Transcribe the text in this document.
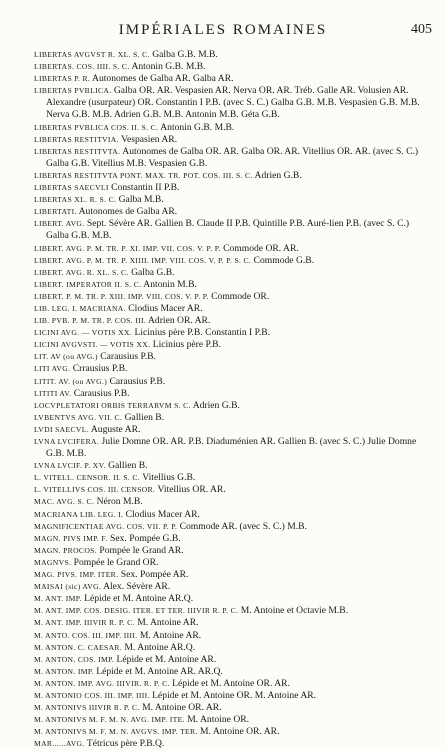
IMPÉRIALES ROMAINES	405
LIBERTAS AVGVST R. XL. S. C. Galba G.B. M.B.
LIBERTAS. COS. IIII. S. C. Antonin G.B. M.B.
LIBERTAS P. R. Autonomes de Galba AR. Galba AR.
LIBERTAS PVBLICA. Galba OR. AR. Vespasien AR. Nerva OR. AR. Tréb. Galle AR. Volusien AR. Alexandre (usurpateur) OR. Constantin I P.B. (avec S. C.) Galba G.B. M.B. Vespasien G.B. M.B. Nerva G.B. M.B. Adrien G.B. M.B. Antonin M.B. Géta G.B.
LIBERTAS PVBLICA COS. II. S. C. Antonin G.B. M.B.
LIBERTAS RESTITVIA. Vespasien AR.
LIBERTAS RESTITVTA. Autonomes de Galba OR. AR. Galba OR. AR. Vitellius OR. AR. (avec S. C.) Galba G.B. Vitellius M.B. Vespasien G.B.
LIBERTAS RESTITVTA PONT. MAX. TR. POT. COS. III. S. C. Adrien G.B.
LIBERTAS SAECVLI Constantin II P.B.
LIBERTAS XL. R. S. C. Galba M.B.
LIBERTATI. Autonomes de Galba AR.
LIBERT. AVG. Sept. Sévère AR. Gallien B. Claude II P.B. Quintille P.B. Auré-lien P.B. (avec S. C.) Galba G.B. M.B.
LIBERT. AVG. P. M. TR. P. XI. IMP. VII. COS. V. P. P. Commode OR. AR.
LIBERT. AVG. P. M. TR. P. XIIII. IMP. VIII. COS. V. P. P. S. C. Commode G.B.
LIBERT. AVG. R. XL. S. C. Galba G.B.
LIBERT. IMPERATOR II. S. C. Antonin M.B.
LIBERT. P. M. TR. P. XIII. IMP. VIII. COS. V. P. P. Commode OR.
LIB. LEG. I. MACRIANA. Clodius Macer AR.
LIB. PVB. P. M. TR. P. COS. III. Adrien OR. AR.
LICINI AVG. — VOTIS XX. Licinius père P.B. Constantin I P.B.
LICINI AVGVSTI. — VOTIS XX. Licinius père P.B.
LIT. AV (ou AVG.) Carausius P.B.
LITI AVG. Crrausius P.B.
LITIT. AV. (ou AVG.) Carausius P.B.
LITITI AV. Carausius P.B.
LOCVPLETATORI ORBIS TERRARVM S. C. Adrien G.B.
LVBENTVS AVG. VII. C. Gallien B.
LVDI SAECVL. Auguste AR.
LVNA LVCIFERA. Julie Domne OR. AR. P.B. Diaduménien AR. Gallien B. (avec S. C.) Julie Domne G.B. M.B.
LVNA LVCIF. P. XV. Gallien B.
L. VITELL. CENSOR. II. S. C. Vitellius G.B.
L. VITELLIVS COS. III. CENSOR. Vitellius OR. AR.
MAC. AVG. S. C. Néron M.B.
MACRIANA LIB. LEG. I. Clodius Macer AR.
MAGNIFICENTIAE AVG. COS. VII. P. P. Commode AR. (avec S. C.) M.B.
MAGN. PIVS IMP. F. Sex. Pompée G.B.
MAGN. PROCOS. Pompée le Grand AR.
MAGNVS. Pompée le Grand OR.
MAG. PIVS. IMP. ITER. Sex. Pompée AR.
MAISAI (sic) AVG. Alex. Sévère AR.
M. ANT. IMP. Lépide et M. Antoine AR.Q.
M. ANT. IMP. COS. DESIG. ITER. ET TER. IIIVIR R. P. C. M. Antoine et Octavie M.B.
M. ANT. IMP. IIIVIR R. P. C. M. Antoine AR.
M. ANTO. COS. III. IMP. IIII. M. Antoine AR.
M. ANTON. C. CAESAR. M. Antoine AR.Q.
M. ANTON. COS. IMP. Lépide et M. Antoine AR.
M. ANTON. IMP. Lépide et M. Antoine AR. AR.Q.
M. ANTON. IMP. AVG. IIIVIR. R. P. C. Lépide et M. Antoine OR. AR.
M. ANTONIO COS. III. IMP. IIII. Lépide et M. Antoine OR. M. Antoine AR.
M. ANTONIVS IIIVIR R. P. C. M. Antoine OR. AR.
M. ANTONIVS M. F. M. N. AVG. IMP. ITE. M. Antoine OR.
M. ANTONIVS M. F. M. N. AVGVS. IMP. TER. M. Antoine OR. AR.
MAR......AVG. Tétricus père P.B.Q.
